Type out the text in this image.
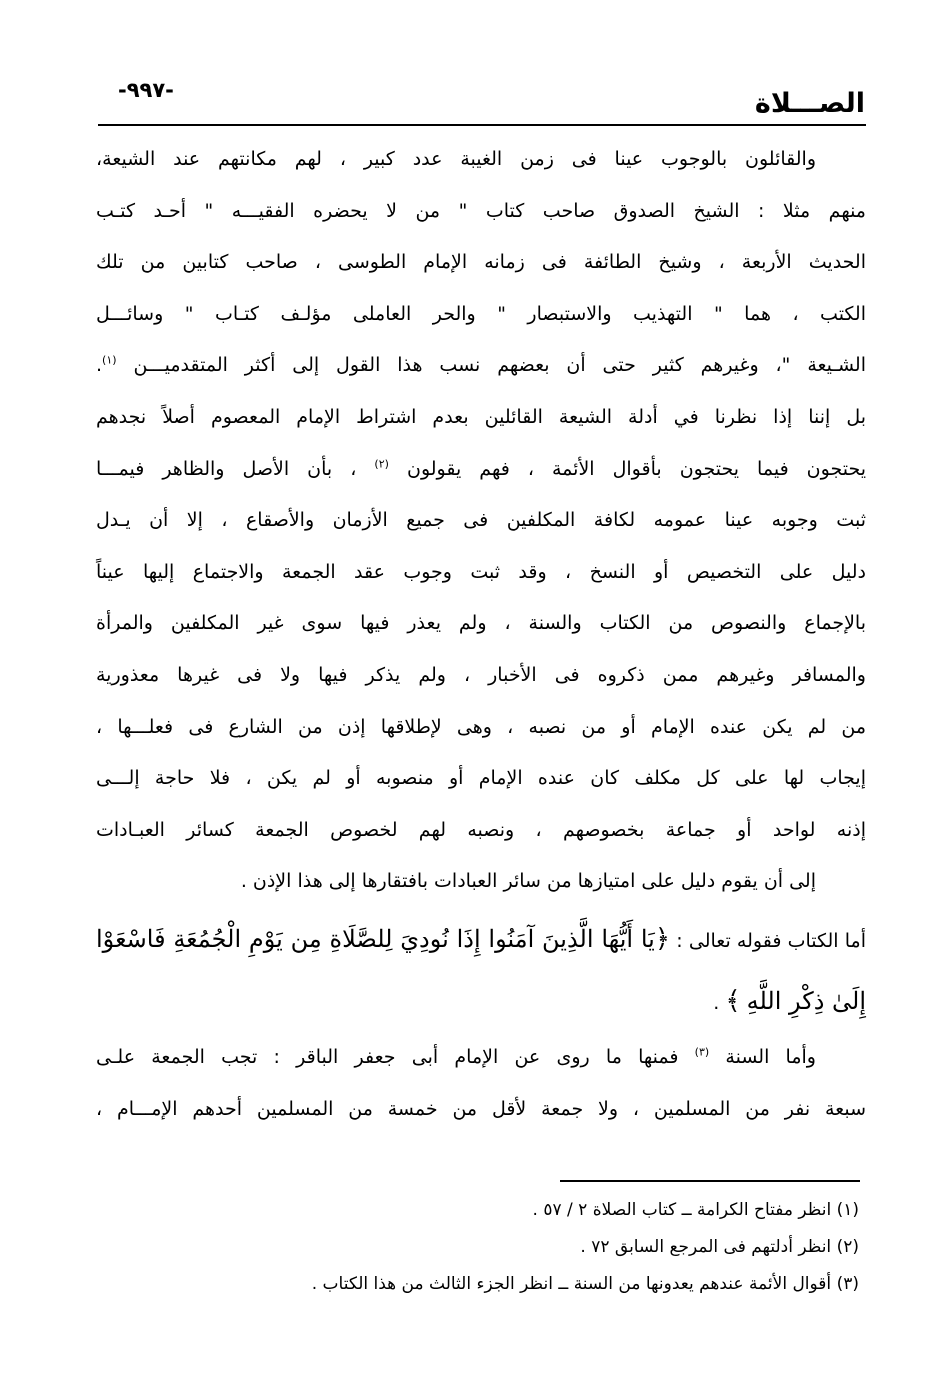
-٩٩٧-	الصـــلاة
والقائلون بالوجوب عينا فى زمن الغيبة عدد كبير ، لهم مكانتهم عند الشيعة،
منهم مثلا : الشيخ الصدوق صاحب كتاب " من لا يحضره الفقيـــه " أحـد كتـب
الحديث الأربعة ، وشيخ الطائفة فى زمانه الإمام الطوسى ، صاحب كتابين من تلك
الكتب ، هما " التهذيب والاستبصار " والحر العاملى مؤلـف كتـاب " وسائـــل
الشـيعة "، وغيرهم كثير حتى أن بعضهم نسب هذا القول إلى أكثر المتقدميـــن $^{(١)}$.
بل إننا إذا نظرنا في أدلة الشيعة القائلين بعدم اشتراط الإمام المعصوم أصلاً نجدهم
يحتجون فيما يحتجون بأقوال الأئمة ، فهم يقولون $^{(٢)}$ ، بأن الأصل والظاهر فيمـــا
ثبت وجوبه عينا عمومه لكافة المكلفين فى جميع الأزمان والأصقاع ، إلا أن يـدل
دليل على التخصيص أو النسخ ، وقد ثبت وجوب عقد الجمعة والاجتماع إليها عيناً
بالإجماع والنصوص من الكتاب والسنة ، ولم يعذر فيها سوى غير المكلفين والمرأة
والمسافر وغيرهم ممن ذكروه فى الأخبار ، ولم يذكر فيها ولا فى غيرها معذورية
من لم يكن عنده الإمام أو من نصبه ، وهى لإطلاقها إذن من الشارع فى فعلـــها ،
إيجاب لها على كل مكلف كان عنده الإمام أو منصوبه أو لم يكن ، فلا حاجة إلـــى
إذنه لواحد أو جماعة بخصوصهم ، ونصبه لهم لخصوص الجمعة كسائر العبـادات
إلى أن يقوم دليل على امتيازها من سائر العبادات بافتقارها إلى هذا الإذن .
أما الكتاب فقوله تعالى : ﴿يَا أَيُّهَا الَّذِينَ آمَنُوا إِذَا نُودِيَ لِلصَّلَاةِ مِن يَوْمِ الْجُمُعَةِ فَاسْعَوْا
إِلَىٰ ذِكْرِ اللَّهِ ﴾ .
وأما السنة $^{(٣)}$ فمنها ما روى عن الإمام أبى جعفر الباقر : تجب الجمعة علـى
سبعة نفر من المسلمين ، ولا جمعة لأقل من خمسة من المسلمين أحدهم الإمـــام ،
(١) انظر مفتاح الكرامة ــ كتاب الصلاة ٢ / ٥٧ .
(٢) انظر أدلتهم فى المرجع السابق ٧٢ .
(٣) أقوال الأئمة عندهم يعدونها من السنة ــ انظر الجزء الثالث من هذا الكتاب .
